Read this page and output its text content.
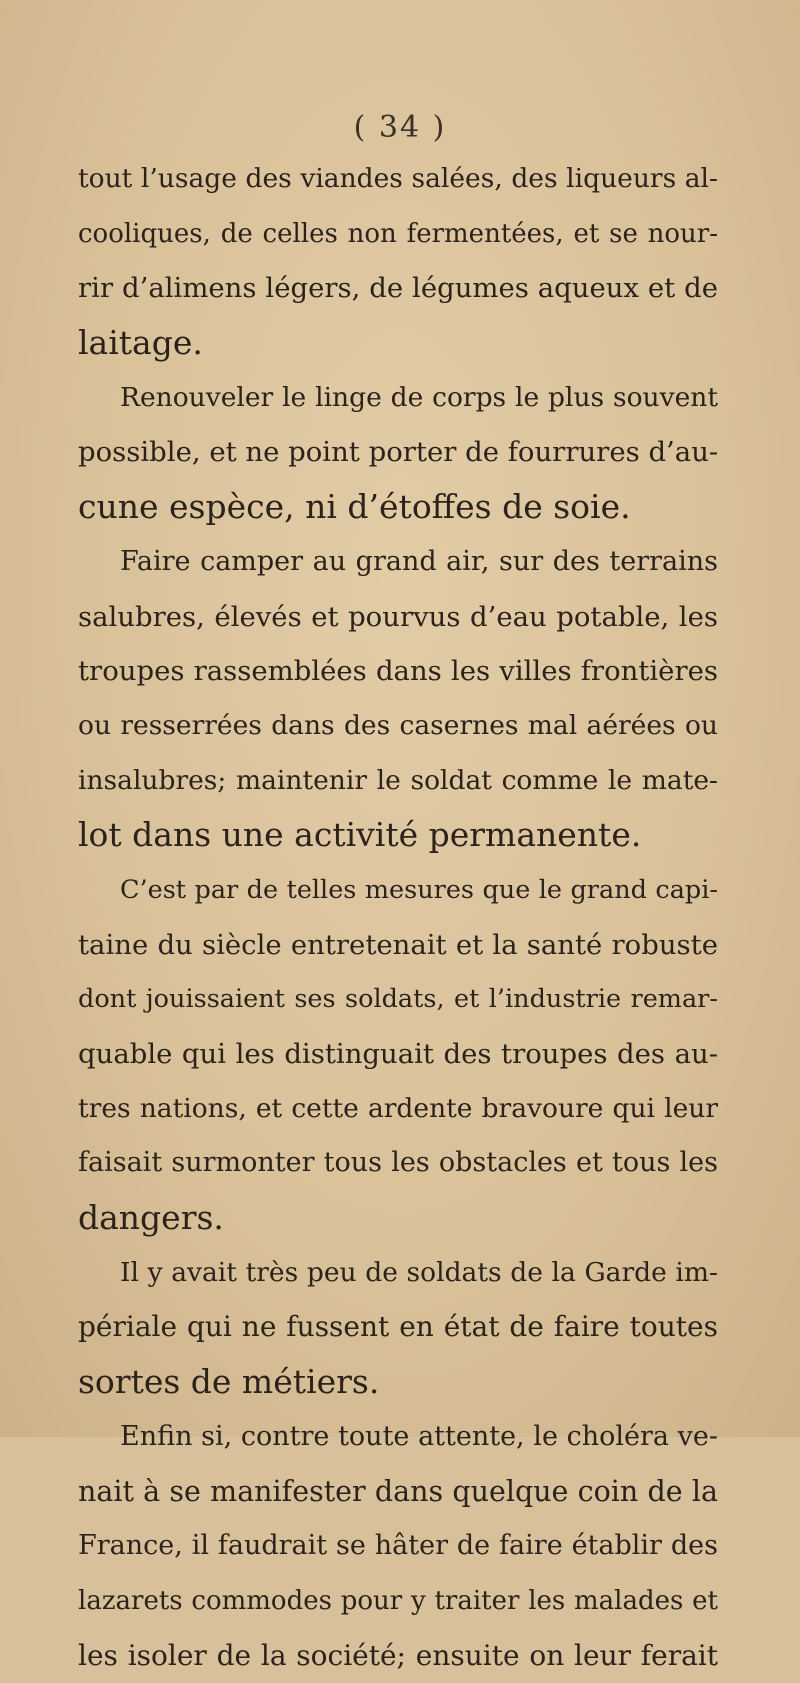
( 34 )
tout l’usage des viandes salées, des liqueurs al-
cooliques, de celles non fermentées, et se nour-
rir d’alimens légers, de légumes aqueux et de
laitage.
Renouveler le linge de corps le plus souvent
possible, et ne point porter de fourrures d’au-
cune espèce, ni d’étoffes de soie.
Faire camper au grand air, sur des terrains
salubres, élevés et pourvus d’eau potable, les
troupes rassemblées dans les villes frontières
ou resserrées dans des casernes mal aérées ou
insalubres; maintenir le soldat comme le mate-
lot dans une activité permanente.
C’est par de telles mesures que le grand capi-
taine du siècle entretenait et la santé robuste
dont jouissaient ses soldats, et l’industrie remar-
quable qui les distinguait des troupes des au-
tres nations, et cette ardente bravoure qui leur
faisait surmonter tous les obstacles et tous les
dangers.
Il y avait très peu de soldats de la Garde im-
périale qui ne fussent en état de faire toutes
sortes de métiers.
Enfin si, contre toute attente, le choléra ve-
nait à se manifester dans quelque coin de la
France, il faudrait se hâter de faire établir des
lazarets commodes pour y traiter les malades et
les isoler de la société; ensuite on leur ferait
